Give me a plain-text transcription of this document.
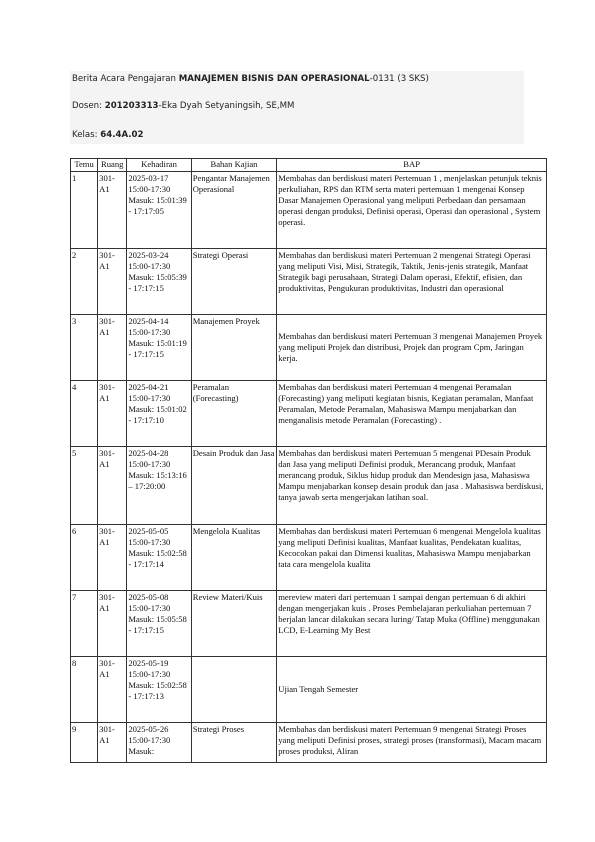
Berita Acara Pengajaran MANAJEMEN BISNIS DAN OPERASIONAL-0131 (3 SKS)
Dosen: 201203313-Eka Dyah Setyaningsih, SE,MM
Kelas: 64.4A.02
Temu	Ruang	Kehadiran	Bahan Kajian	BAP
1	301-A1	2025-03-17 15:00-17:30 Masuk: 15:01:39 - 17:17:05	Pengantar Manajemen Operasional	Membahas dan berdiskusi materi Pertemuan 1 , menjelaskan petunjuk teknis perkuliahan, RPS dan RTM serta materi pertemuan 1 mengenai Konsep Dasar Manajemen Operasional yang meliputi Perbedaan dan persamaan operasi dengan produksi, Definisi operasi, Operasi dan operasional , System operasi.
2	301-A1	2025-03-24 15:00-17:30 Masuk: 15:05:39 - 17:17:15	Strategi Operasi	Membahas dan berdiskusi materi Pertemuan 2 mengenai Strategi Operasi yang meliputi Visi, Misi, Strategik, Taktik, Jenis-jenis strategik, Manfaat Strategik bagi perusahaan, Strategi Dalam operasi, Efektif, efisien, dan produktivitas, Pengukuran produktivitas, Industri dan operasional
3	301-A1	2025-04-14 15:00-17:30 Masuk: 15:01:19 - 17:17:15	Manajemen Proyek	Membahas dan berdiskusi materi Pertemuan 3 mengenai Manajemen Proyek yang meliputi Projek dan distribusi, Projek dan program Cpm, Jaringan kerja.
4	301-A1	2025-04-21 15:00-17:30 Masuk: 15:01:02 - 17:17:10	Peramalan (Forecasting)	Membahas dan berdiskusi materi Pertemuan 4 mengenai Peramalan (Forecasting) yang meliputi kegiatan bisnis, Kegiatan peramalan, Manfaat Peramalan, Metode Peramalan, Mahasiswa Mampu menjabarkan dan menganalisis metode Peramalan (Forecasting) .
5	301-A1	2025-04-28 15:00-17:30 Masuk: 15:13:16 – 17:20:00	Desain Produk dan Jasa	Membahas dan berdiskusi materi Pertemuan 5 mengenai PDesain Produk dan Jasa yang meliputi Definisi produk, Merancang produk, Manfaat merancang produk, Siklus hidup produk dan Mendesign jasa, Mahasiswa Mampu menjabarkan konsep desain produk dan jasa . Mahasiswa berdiskusi, tanya jawab serta mengerjakan latihan soal.
6	301-A1	2025-05-05 15:00-17:30 Masuk: 15:02:58 - 17:17:14	Mengelola Kualitas	Membahas dan berdiskusi materi Pertemuan 6 mengenai Mengelola kualitas yang meliputi Definisi kualitas, Manfaat kualitas, Pendekatan kualitas, Kecocokan pakai dan Dimensi kualitas, Mahasiswa Mampu menjabarkan tata cara mengelola kualita
7	301-A1	2025-05-08 15:00-17:30 Masuk: 15:05:58 - 17:17:15	Review Materi/Kuis	mereview materi dari pertemuan 1 sampai dengan pertemuan 6 di akhiri dengan mengerjakan kuis . Proses Pembelajaran perkuliahan pertemuan 7 berjalan lancar dilakukan secara luring/ Tatap Muka (Offline) menggunakan LCD, E-Learning My Best
8	301-A1	2025-05-19 15:00-17:30 Masuk: 15:02:58 - 17:17:13		Ujian Tengah Semester
9	301-A1	2025-05-26 15:00-17:30 Masuk:	Strategi Proses	Membahas dan berdiskusi materi Pertemuan 9 mengenai Strategi Proses yang meliputi Definisi proses, strategi proses (transformasi), Macam macam proses produksi, Aliran
